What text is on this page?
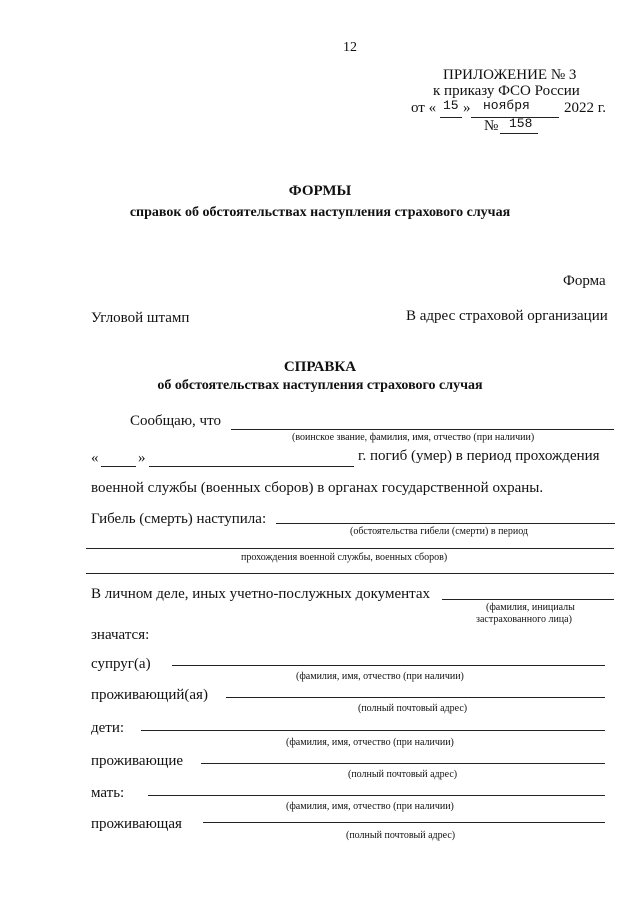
12
ПРИЛОЖЕНИЕ № 3
к приказу ФСО России
от « 15 » ноября 2022 г.
№ 158
ФОРМЫ
справок об обстоятельствах наступления страхового случая
Форма
Угловой штамп	В адрес страховой организации
СПРАВКА
об обстоятельствах наступления страхового случая
Сообщаю, что
(воинское звание, фамилия, имя, отчество (при наличии)
«	»	г. погиб (умер) в период прохождения
военной службы (военных сборов) в органах государственной охраны.
Гибель (смерть) наступила:
(обстоятельства гибели (смерти) в период
прохождения военной службы, военных сборов)
В личном деле, иных учетно-послужных документах
(фамилия, инициалы
застрахованного лица)
значатся:
супруг(а)
(фамилия, имя, отчество (при наличии)
проживающий(ая)
(полный почтовый адрес)
дети:
(фамилия, имя, отчество (при наличии)
проживающие
(полный почтовый адрес)
мать:
(фамилия, имя, отчество (при наличии)
проживающая
(полный почтовый адрес)
